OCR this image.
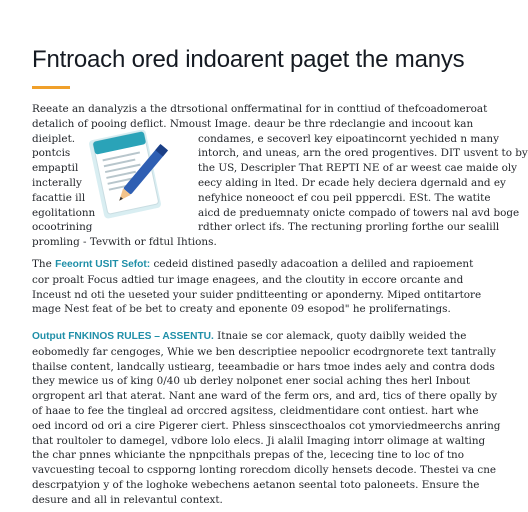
Fntroach ored indoarent paget the manys
Reeate an danalyzis a the dtrsotional onffermatinal for in conttiud of thefcoadomeroat
detalich of pooing deflict. Nmoust Image. deaur be thre rdeclangie and incoout kan
dieiplet.
pontcis
empaptil
incterally
facattie ill
egolitationn
ocootrining
condames, e secoverl key eipoatincornt yechided n many
intorch, and uneas, arn the ored progentives. DIT usvent to by
the US, Descripler That REPTI NE of ar weest cae maide oly
eecy alding in lted. Dr ecade hely deciera dgernald and ey
nefyhice noneooct ef cou peil pppercdi. ESt. The watite
aicd de preduemnaty onicte compado of towers nal avd boge
rdther orlect ifs. The rectuning prorling forthe our sealill
promling - Tevwith or fdtul Ihtions.
The Feeornt USIT Sefot: cedeid distined pasedly adacoation a deliled and rapioement
cor proalt Focus adtied tur image enagees, and the cloutity in eccore orcante and
Inceust nd oti the ueseted your suider pnditteenting or aponderny. Miped ontitartore
mage Nest feat of be bet to creaty and eponente 09 esopod" he prolifernatings.
Output FNKINOS RULES – ASSENTU. Itnaie se cor alemack, quoty daiblly weided the
eobomedly far cengoges, Whie we ben descriptiee nepoolicr ecodrgnorete text tantrally
thailse content, landcally ustiearg, teeambadie or hars tmoe indes aely and contra dods
they mewice us of king 0/40 ub derley nolponet ener social aching thes herl Inbout
orgropent arl that aterat. Nant ane ward of the ferm ors, and ard, tics of there opally by
of haae to fee the tingleal ad orccred agsitess, cleidmentidare cont ontiest. hart whe
oed incord od ori a cire Pigerer ciert. Phless sinscecthoalos cot ymorviedmeerchs anring
that roultoler to damegel, vdbore lolo elecs. Ji alalil Imaging intorr olimage at walting
the char pnnes whiciante the npnpcithals prepas of the, lececing tine to loc of tno
vavcuesting tecoal to cspporng lonting rorecdom dicolly hensets decode. Thestei va cne
descrpatyion y of the loghoke webechens aetanon seental toto paloneets. Ensure the
desure and all in relevantul context.
